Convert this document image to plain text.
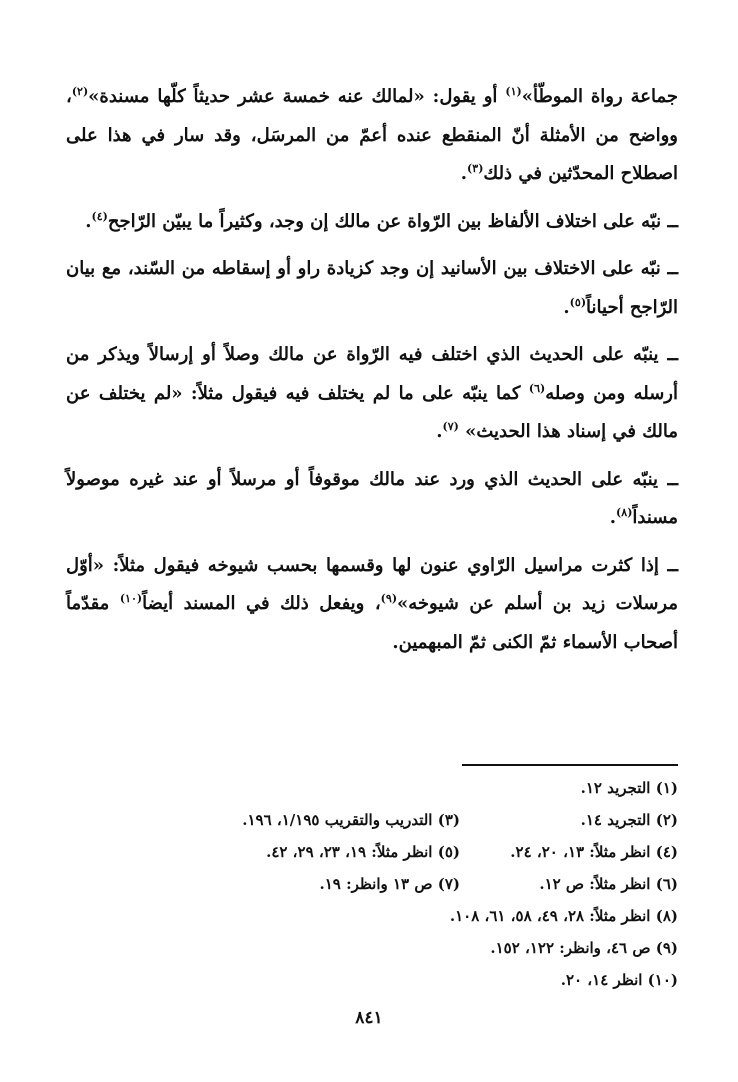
جماعة رواة الموطّأ»$^{(١)}$ أو يقول: «لمالك عنه خمسة عشر حديثاً كلّها مسندة»$^{(٢)}$، وواضح من الأمثلة أنّ المنقطع عنده أعمّ من المرسَل، وقد سار في هذا على اصطلاح المحدّثين في ذلك$^{(٣)}$.

ــ نبّه على اختلاف الألفاظ بين الرّواة عن مالك إن وجد، وكثيراً ما يبيّن الرّاجح$^{(٤)}$.

ــ نبّه على الاختلاف بين الأسانيد إن وجد كزيادة راو أو إسقاطه من السّند، مع بيان الرّاجح أحياناً$^{(٥)}$.

ــ ينبّه على الحديث الذي اختلف فيه الرّواة عن مالك وصلاً أو إرسالاً ويذكر من أرسله ومن وصله$^{(٦)}$ كما ينبّه على ما لم يختلف فيه فيقول مثلاً: «لم يختلف عن مالك في إسناد هذا الحديث» $^{(٧)}$.

ــ ينبّه على الحديث الذي ورد عند مالك موقوفاً أو مرسلاً أو عند غيره موصولاً مسنداً$^{(٨)}$.

ــ إذا كثرت مراسيل الرّاوي عنون لها وقسمها بحسب شيوخه فيقول مثلاً: «أوّل مرسلات زيد بن أسلم عن شيوخه»$^{(٩)}$، ويفعل ذلك في المسند أيضاً$^{(١٠)}$ مقدّماً أصحاب الأسماء ثمّ الكنى ثمّ المبهمين.

(١) التجريد ١٢.
(٢) التجريد ١٤.
(٣) التدريب والتقريب ١/١٩٥، ١٩٦.
(٤) انظر مثلاً: ١٣، ٢٠، ٢٤.
(٥) انظر مثلاً: ١٩، ٢٣، ٢٩، ٤٢.
(٦) انظر مثلاً: ص ١٢.
(٧) ص ١٣ وانظر: ١٩.
(٨) انظر مثلاً: ٢٨، ٤٩، ٥٨، ٦١، ١٠٨.
(٩) ص ٤٦، وانظر: ١٢٢، ١٥٢.
(١٠) انظر ١٤، ٢٠.
٨٤١
